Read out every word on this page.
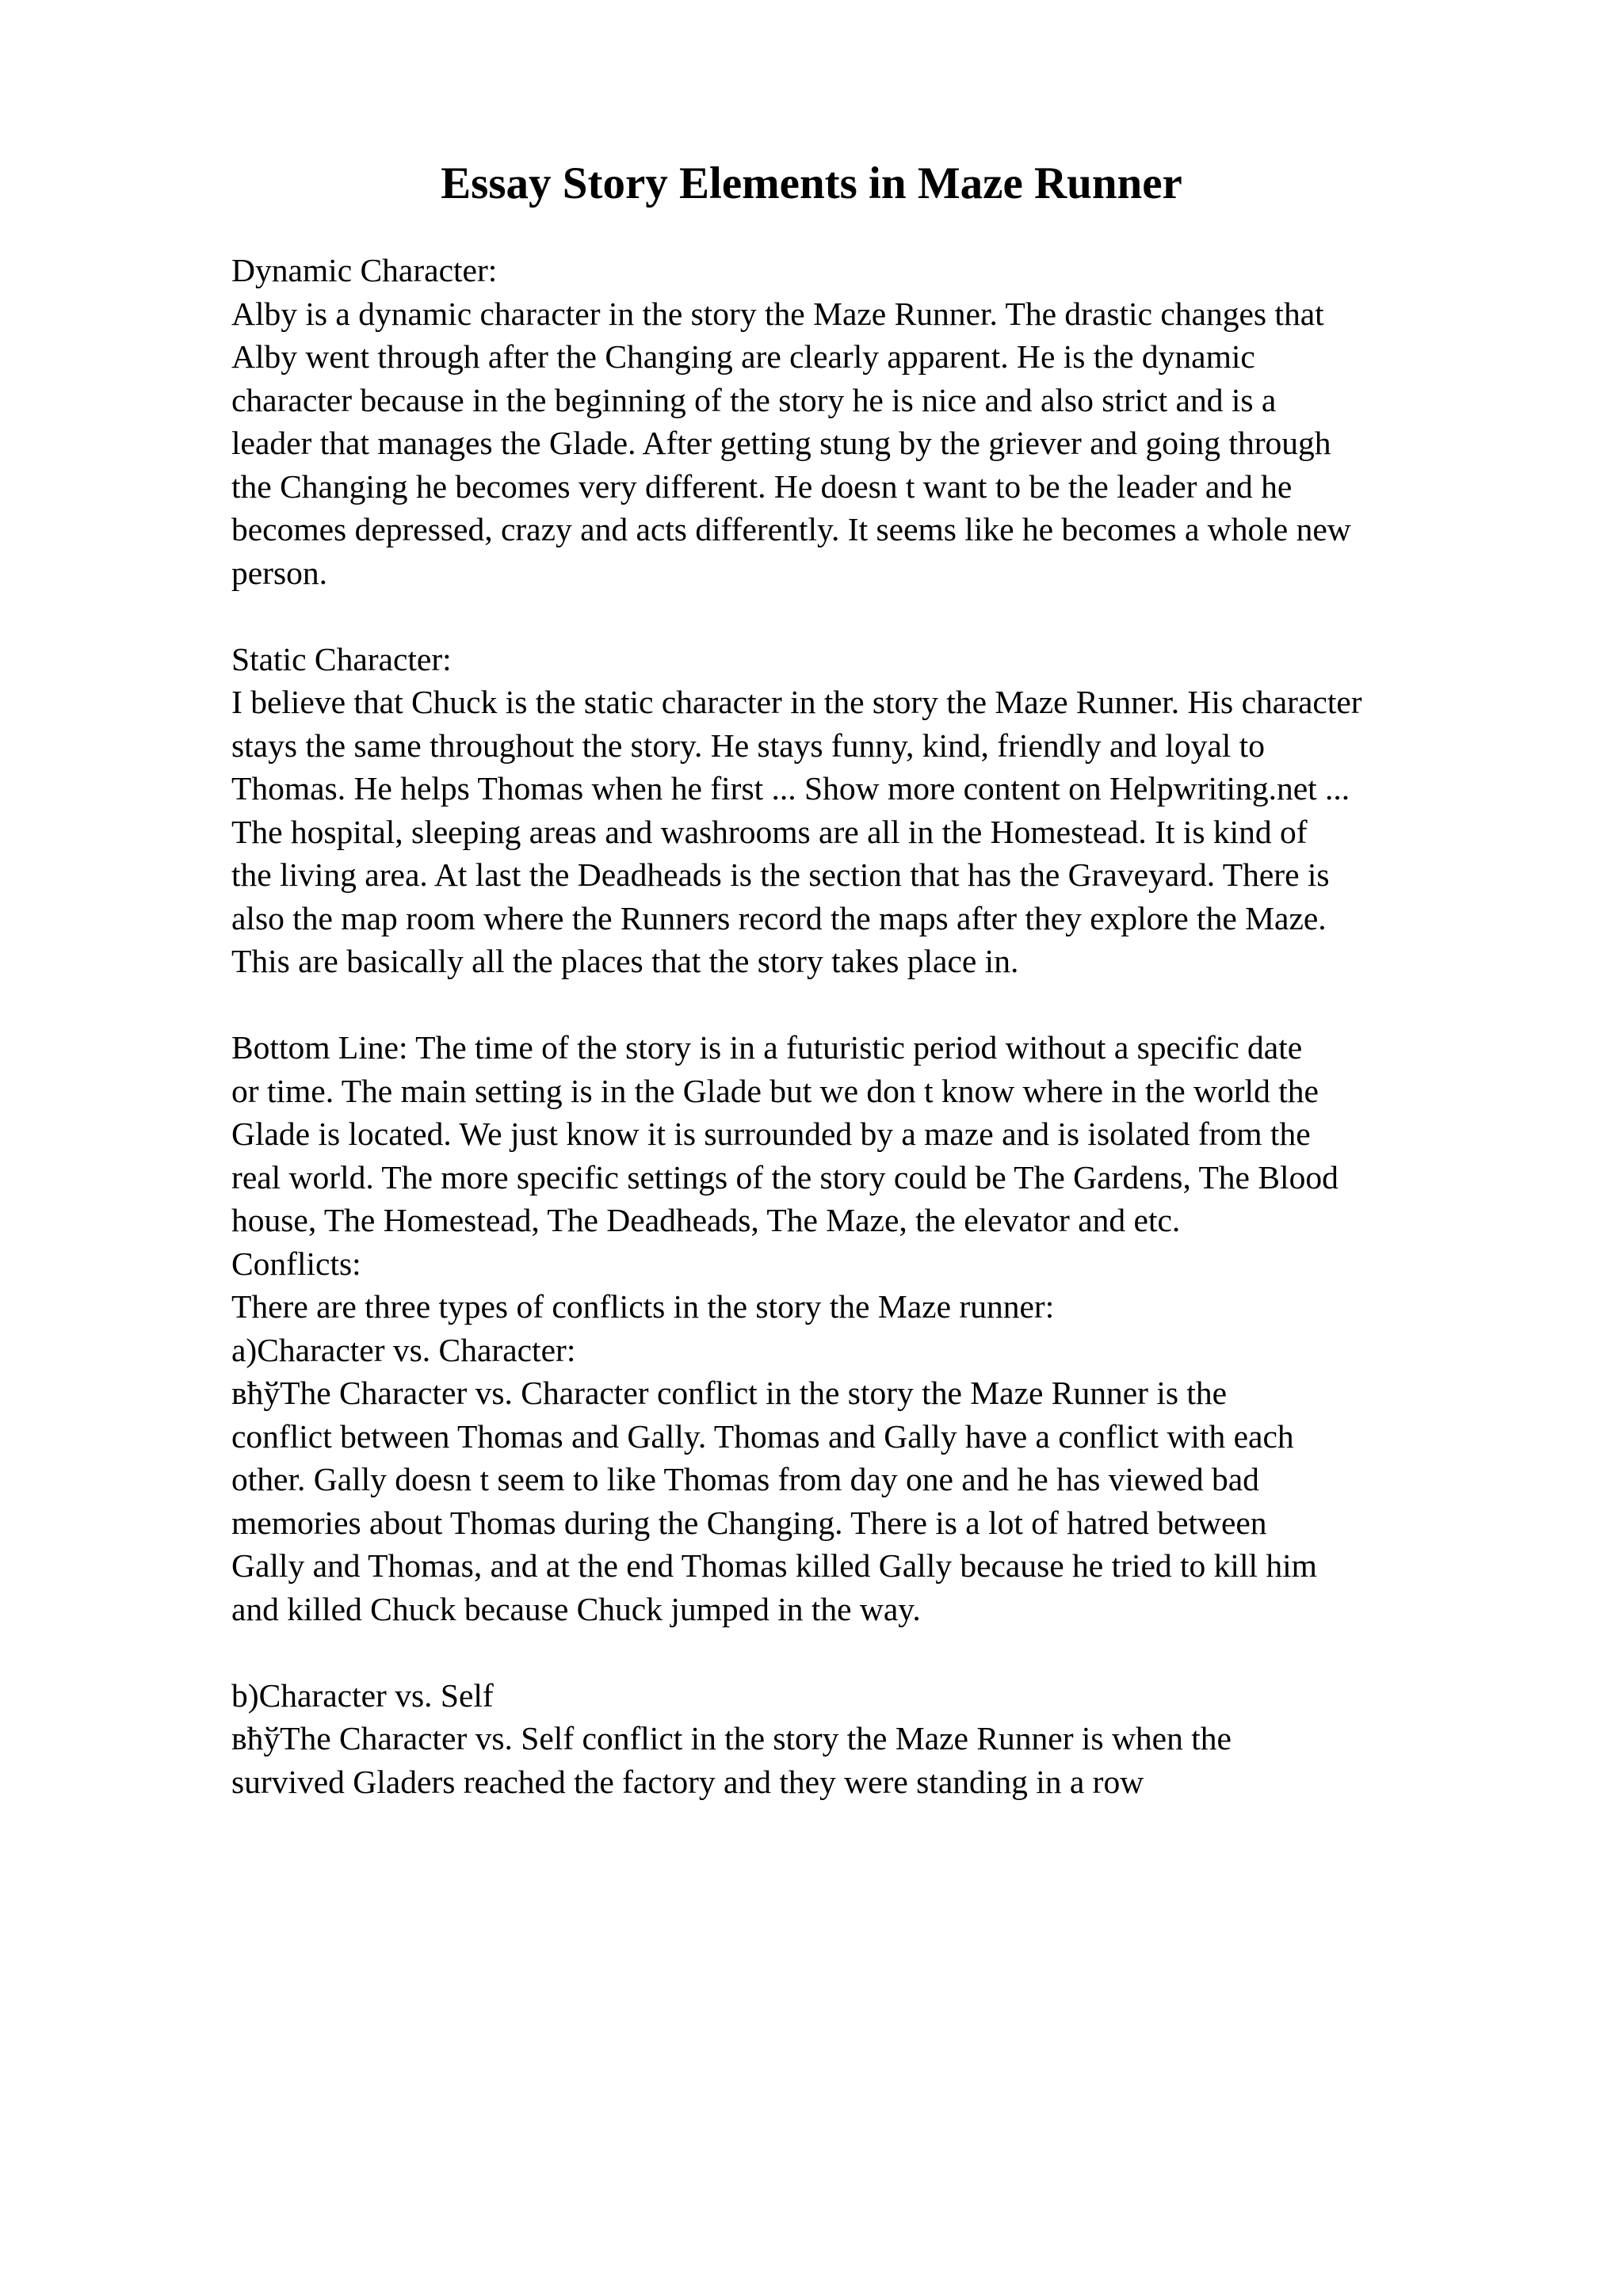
Essay Story Elements in Maze Runner
Dynamic Character:
Alby is a dynamic character in the story the Maze Runner. The drastic changes that
Alby went through after the Changing are clearly apparent. He is the dynamic
character because in the beginning of the story he is nice and also strict and is a
leader that manages the Glade. After getting stung by the griever and going through
the Changing he becomes very different. He doesn t want to be the leader and he
becomes depressed, crazy and acts differently. It seems like he becomes a whole new
person.
Static Character:
I believe that Chuck is the static character in the story the Maze Runner. His character
stays the same throughout the story. He stays funny, kind, friendly and loyal to
Thomas. He helps Thomas when he first ... Show more content on Helpwriting.net ...
The hospital, sleeping areas and washrooms are all in the Homestead. It is kind of
the living area. At last the Deadheads is the section that has the Graveyard. There is
also the map room where the Runners record the maps after they explore the Maze.
This are basically all the places that the story takes place in.
Bottom Line: The time of the story is in a futuristic period without a specific date
or time. The main setting is in the Glade but we don t know where in the world the
Glade is located. We just know it is surrounded by a maze and is isolated from the
real world. The more specific settings of the story could be The Gardens, The Blood
house, The Homestead, The Deadheads, The Maze, the elevator and etc.
Conflicts:
There are three types of conflicts in the story the Maze runner:
a)Character vs. Character:
вћўThe Character vs. Character conflict in the story the Maze Runner is the
conflict between Thomas and Gally. Thomas and Gally have a conflict with each
other. Gally doesn t seem to like Thomas from day one and he has viewed bad
memories about Thomas during the Changing. There is a lot of hatred between
Gally and Thomas, and at the end Thomas killed Gally because he tried to kill him
and killed Chuck because Chuck jumped in the way.
b)Character vs. Self
вћўThe Character vs. Self conflict in the story the Maze Runner is when the
survived Gladers reached the factory and they were standing in a row
